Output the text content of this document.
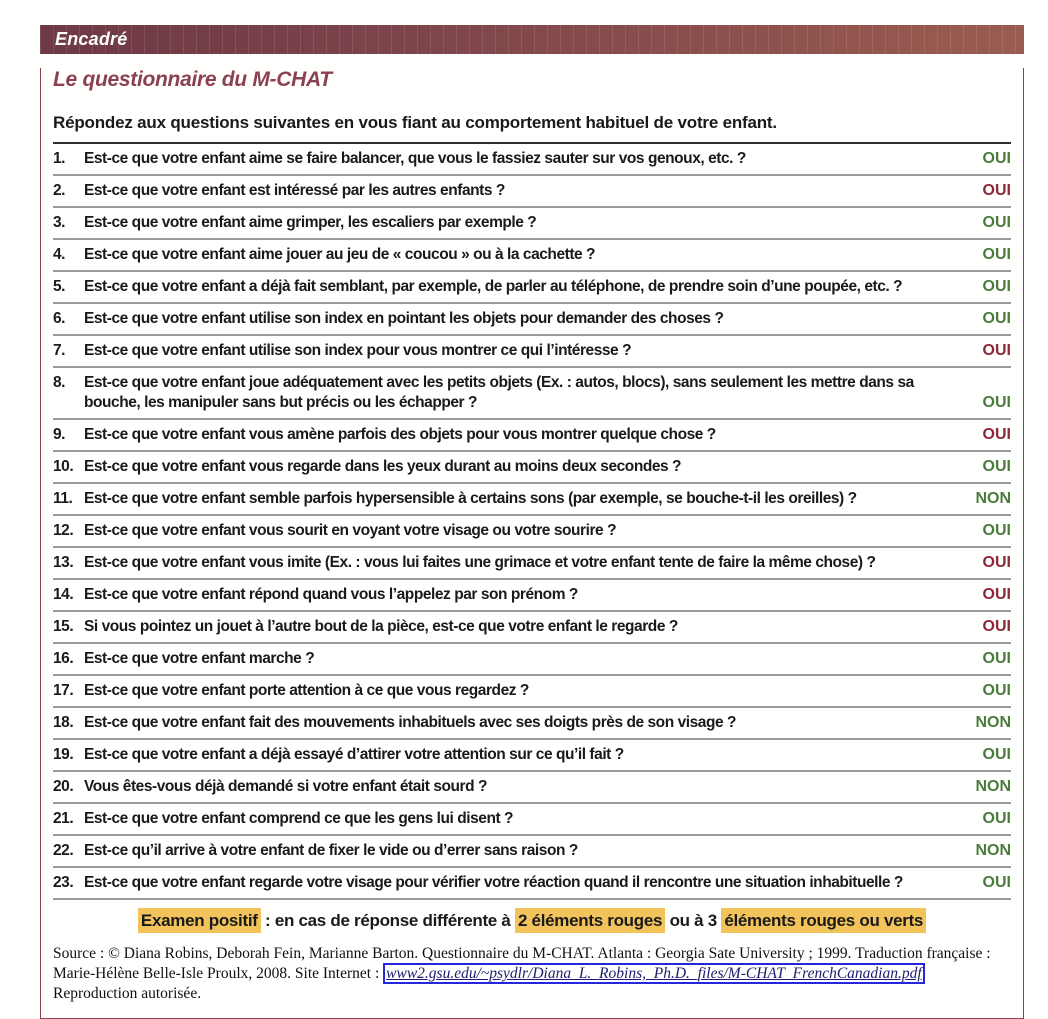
Encadré
Le questionnaire du M-CHAT
Répondez aux questions suivantes en vous fiant au comportement habituel de votre enfant.
1.	Est-ce que votre enfant aime se faire balancer, que vous le fassiez sauter sur vos genoux, etc. ?	OUI
2.	Est-ce que votre enfant est intéressé par les autres enfants ?	OUI
3.	Est-ce que votre enfant aime grimper, les escaliers par exemple ?	OUI
4.	Est-ce que votre enfant aime jouer au jeu de « coucou » ou à la cachette ?	OUI
5.	Est-ce que votre enfant a déjà fait semblant, par exemple, de parler au téléphone, de prendre soin d’une poupée, etc. ?	OUI
6.	Est-ce que votre enfant utilise son index en pointant les objets pour demander des choses ?	OUI
7.	Est-ce que votre enfant utilise son index pour vous montrer ce qui l’intéresse ?	OUI
8.	Est-ce que votre enfant joue adéquatement avec les petits objets (Ex. : autos, blocs), sans seulement les mettre dans sa bouche, les manipuler sans but précis ou les échapper ?	OUI
9.	Est-ce que votre enfant vous amène parfois des objets pour vous montrer quelque chose ?	OUI
10. Est-ce que votre enfant vous regarde dans les yeux durant au moins deux secondes ?	OUI
11. Est-ce que votre enfant semble parfois hypersensible à certains sons (par exemple, se bouche-t-il les oreilles) ?	NON
12. Est-ce que votre enfant vous sourit en voyant votre visage ou votre sourire ?	OUI
13. Est-ce que votre enfant vous imite (Ex. : vous lui faites une grimace et votre enfant tente de faire la même chose) ?	OUI
14. Est-ce que votre enfant répond quand vous l’appelez par son prénom ?	OUI
15. Si vous pointez un jouet à l’autre bout de la pièce, est-ce que votre enfant le regarde ?	OUI
16. Est-ce que votre enfant marche ?	OUI
17. Est-ce que votre enfant porte attention à ce que vous regardez ?	OUI
18. Est-ce que votre enfant fait des mouvements inhabituels avec ses doigts près de son visage ?	NON
19. Est-ce que votre enfant a déjà essayé d’attirer votre attention sur ce qu’il fait ?	OUI
20. Vous êtes-vous déjà demandé si votre enfant était sourd ?	NON
21. Est-ce que votre enfant comprend ce que les gens lui disent ?	OUI
22. Est-ce qu’il arrive à votre enfant de fixer le vide ou d’errer sans raison ?	NON
23. Est-ce que votre enfant regarde votre visage pour vérifier votre réaction quand il rencontre une situation inhabituelle ?	OUI
Examen positif : en cas de réponse différente à 2 éléments rouges ou à 3 éléments rouges ou verts
Source : © Diana Robins, Deborah Fein, Marianne Barton. Questionnaire du M-CHAT. Atlanta : Georgia Sate University ; 1999. Traduction française : Marie-Hélène Belle-Isle Proulx, 2008. Site Internet : www2.gsu.edu/~psydlr/Diana_L._Robins,_Ph.D._files/M-CHAT_FrenchCanadian.pdf Reproduction autorisée.
